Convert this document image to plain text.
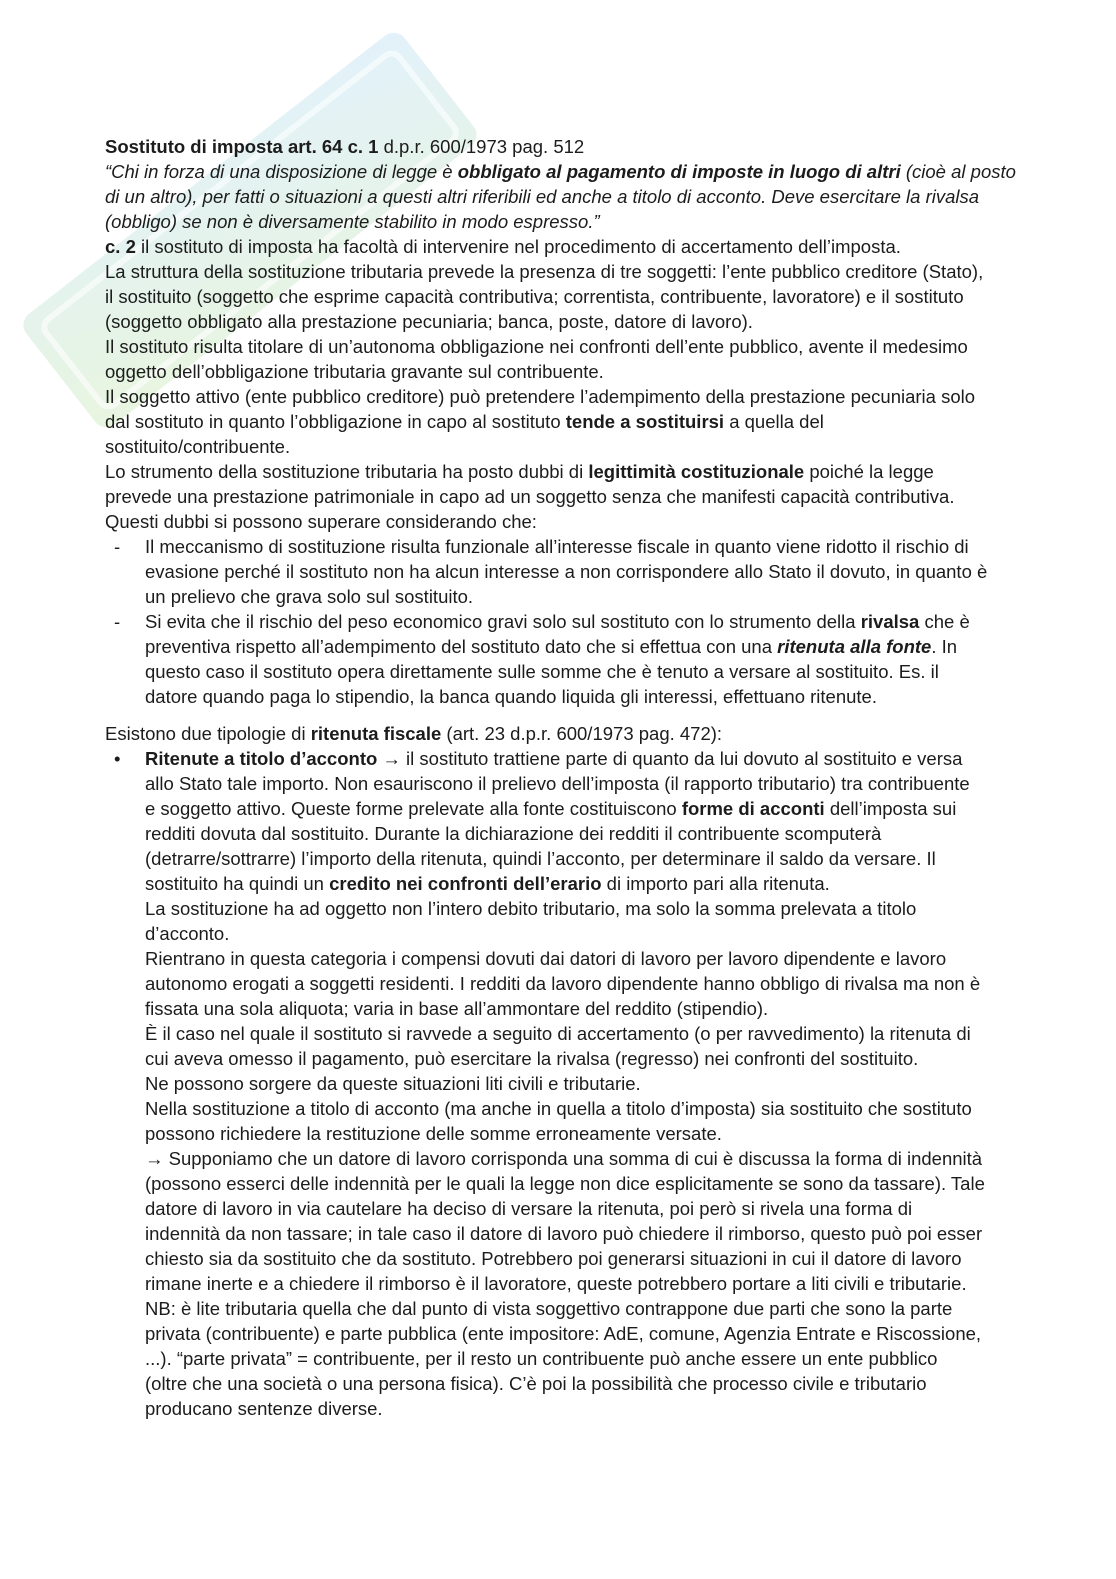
Sostituto di imposta art. 64 c. 1 d.p.r. 600/1973 pag. 512
“Chi in forza di una disposizione di legge è obbligato al pagamento di imposte in luogo di altri (cioè al posto
di un altro), per fatti o situazioni a questi altri riferibili ed anche a titolo di acconto. Deve esercitare la rivalsa
(obbligo) se non è diversamente stabilito in modo espresso.”
c. 2 il sostituto di imposta ha facoltà di intervenire nel procedimento di accertamento dell’imposta.
La struttura della sostituzione tributaria prevede la presenza di tre soggetti: l’ente pubblico creditore (Stato),
il sostituito (soggetto che esprime capacità contributiva; correntista, contribuente, lavoratore) e il sostituto
(soggetto obbligato alla prestazione pecuniaria; banca, poste, datore di lavoro).
Il sostituto risulta titolare di un’autonoma obbligazione nei confronti dell’ente pubblico, avente il medesimo
oggetto dell’obbligazione tributaria gravante sul contribuente.
Il soggetto attivo (ente pubblico creditore) può pretendere l’adempimento della prestazione pecuniaria solo
dal sostituto in quanto l’obbligazione in capo al sostituto tende a sostituirsi a quella del
sostituito/contribuente.
Lo strumento della sostituzione tributaria ha posto dubbi di legittimità costituzionale poiché la legge
prevede una prestazione patrimoniale in capo ad un soggetto senza che manifesti capacità contributiva.
Questi dubbi si possono superare considerando che:
- Il meccanismo di sostituzione risulta funzionale all’interesse fiscale in quanto viene ridotto il rischio di
evasione perché il sostituto non ha alcun interesse a non corrispondere allo Stato il dovuto, in quanto è
un prelievo che grava solo sul sostituito.
- Si evita che il rischio del peso economico gravi solo sul sostituto con lo strumento della rivalsa che è
preventiva rispetto all’adempimento del sostituto dato che si effettua con una ritenuta alla fonte. In
questo caso il sostituto opera direttamente sulle somme che è tenuto a versare al sostituito. Es. il
datore quando paga lo stipendio, la banca quando liquida gli interessi, effettuano ritenute.
Esistono due tipologie di ritenuta fiscale (art. 23 d.p.r. 600/1973 pag. 472):
• Ritenute a titolo d’acconto → il sostituto trattiene parte di quanto da lui dovuto al sostituito e versa
allo Stato tale importo. Non esauriscono il prelievo dell’imposta (il rapporto tributario) tra contribuente
e soggetto attivo. Queste forme prelevate alla fonte costituiscono forme di acconti dell’imposta sui
redditi dovuta dal sostituito. Durante la dichiarazione dei redditi il contribuente scomputerà
(detrarre/sottrarre) l’importo della ritenuta, quindi l’acconto, per determinare il saldo da versare. Il
sostituito ha quindi un credito nei confronti dell’erario di importo pari alla ritenuta.
La sostituzione ha ad oggetto non l’intero debito tributario, ma solo la somma prelevata a titolo
d’acconto.
Rientrano in questa categoria i compensi dovuti dai datori di lavoro per lavoro dipendente e lavoro
autonomo erogati a soggetti residenti. I redditi da lavoro dipendente hanno obbligo di rivalsa ma non è
fissata una sola aliquota; varia in base all’ammontare del reddito (stipendio).
È il caso nel quale il sostituto si ravvede a seguito di accertamento (o per ravvedimento) la ritenuta di
cui aveva omesso il pagamento, può esercitare la rivalsa (regresso) nei confronti del sostituito.
Ne possono sorgere da queste situazioni liti civili e tributarie.
Nella sostituzione a titolo di acconto (ma anche in quella a titolo d’imposta) sia sostituito che sostituto
possono richiedere la restituzione delle somme erroneamente versate.
→ Supponiamo che un datore di lavoro corrisponda una somma di cui è discussa la forma di indennità
(possono esserci delle indennità per le quali la legge non dice esplicitamente se sono da tassare). Tale
datore di lavoro in via cautelare ha deciso di versare la ritenuta, poi però si rivela una forma di
indennità da non tassare; in tale caso il datore di lavoro può chiedere il rimborso, questo può poi esser
chiesto sia da sostituito che da sostituto. Potrebbero poi generarsi situazioni in cui il datore di lavoro
rimane inerte e a chiedere il rimborso è il lavoratore, queste potrebbero portare a liti civili e tributarie.
NB: è lite tributaria quella che dal punto di vista soggettivo contrappone due parti che sono la parte
privata (contribuente) e parte pubblica (ente impositore: AdE, comune, Agenzia Entrate e Riscossione,
...). “parte privata” = contribuente, per il resto un contribuente può anche essere un ente pubblico
(oltre che una società o una persona fisica). C’è poi la possibilità che processo civile e tributario
producano sentenze diverse.
